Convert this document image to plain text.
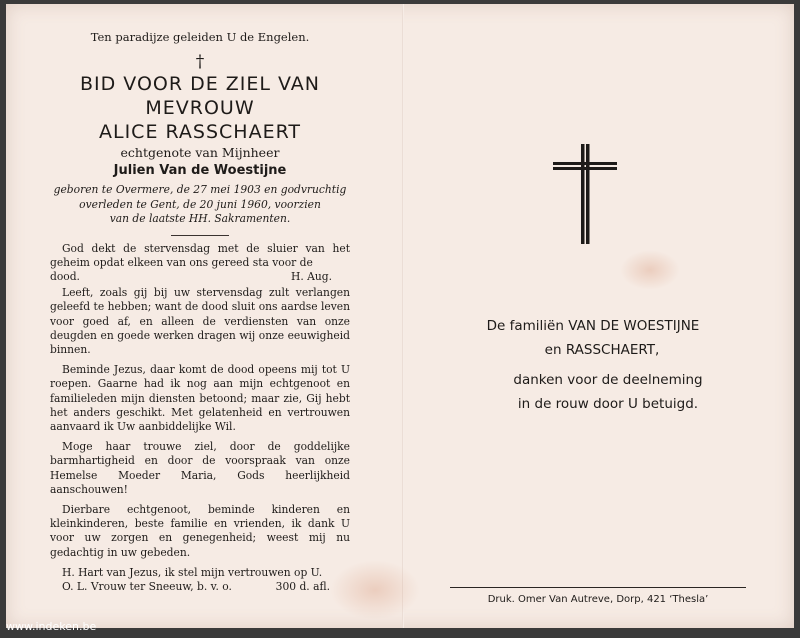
Ten paradijze geleiden U de Engelen.
†
BID VOOR DE ZIEL VAN
MEVROUW
ALICE RASSCHAERT
echtgenote van Mijnheer
Julien Van de Woestijne
geboren te Overmere, de 27 mei 1903 en godvruchtig
overleden te Gent, de 20 juni 1960, voorzien
van de laatste HH. Sakramenten.
God dekt de stervensdag met de sluier van het geheim opdat elkeen van ons gereed sta voor de
dood.	H. Aug.
Leeft, zoals gij bij uw stervensdag zult verlangen geleefd te hebben; want de dood sluit ons aardse leven voor goed af, en alleen de verdiensten van onze deugden en goede werken dragen wij onze eeuwigheid binnen.
Beminde Jezus, daar komt de dood opeens mij tot U roepen. Gaarne had ik nog aan mijn echtgenoot en familieleden mijn diensten betoond; maar zie, Gij hebt het anders geschikt. Met gelatenheid en vertrouwen aanvaard ik Uw aanbiddelijke Wil.
Moge haar trouwe ziel, door de goddelijke barmhartigheid en door de voorspraak van onze Hemelse Moeder Maria, Gods heerlijkheid aanschouwen!
Dierbare echtgenoot, beminde kinderen en kleinkinderen, beste familie en vrienden, ik dank U voor uw zorgen en genegenheid; weest mij nu gedachtig in uw gebeden.
H. Hart van Jezus, ik stel mijn vertrouwen op U.
O. L. Vrouw ter Sneeuw, b. v. o.	300 d. afl.
De familiën VAN DE WOESTIJNE
en RASSCHAERT,
danken voor de deelneming
in de rouw door U betuigd.
Druk. Omer Van Autreve, Dorp, 421 ‘Thesla’
www.indeken.be
